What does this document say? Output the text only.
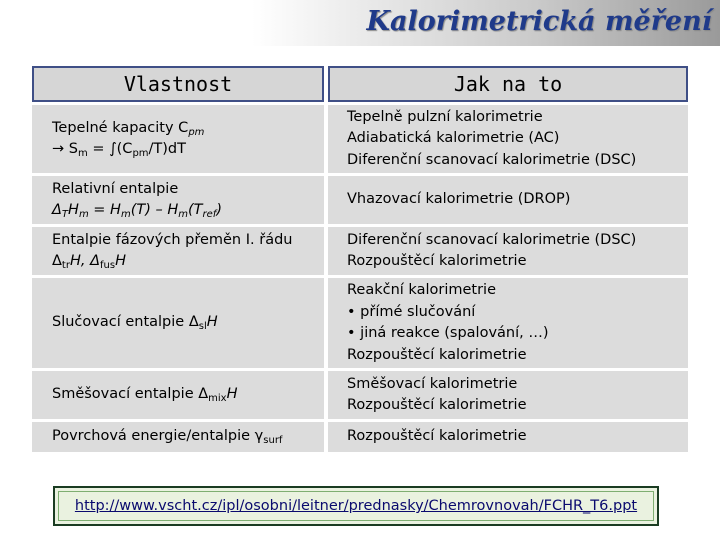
Kalorimetrická měření
Vlastnost	Jak na to
Tepelné kapacity $C_{pm}$
→ $S_m = \int(C_{pm}/T)dT$
Tepelně pulzní kalorimetrie
Adiabatická kalorimetrie (AC)
Diferenční scanovací kalorimetrie (DSC)
Relativní entalpie
$\Delta_TH_m = H_m(T) - H_m(T_{ref})$
Vhazovací kalorimetrie (DROP)
Entalpie fázových přeměn I. řádu
$\Delta_{tr}H$, $\Delta_{fus}H$
Diferenční scanovací kalorimetrie (DSC)
Rozpouštěcí kalorimetrie
Slučovací entalpie $\Delta_{sl}H$
Reakční kalorimetrie
• přímé slučování
• jiná reakce (spalování, …)
Rozpouštěcí kalorimetrie
Směšovací entalpie $\Delta_{mix}H$
Směšovací kalorimetrie
Rozpouštěcí kalorimetrie
Povrchová energie/entalpie $\gamma_{surf}$	Rozpouštěcí kalorimetrie
http://www.vscht.cz/ipl/osobni/leitner/prednasky/Chemrovnovah/FCHR_T6.ppt
